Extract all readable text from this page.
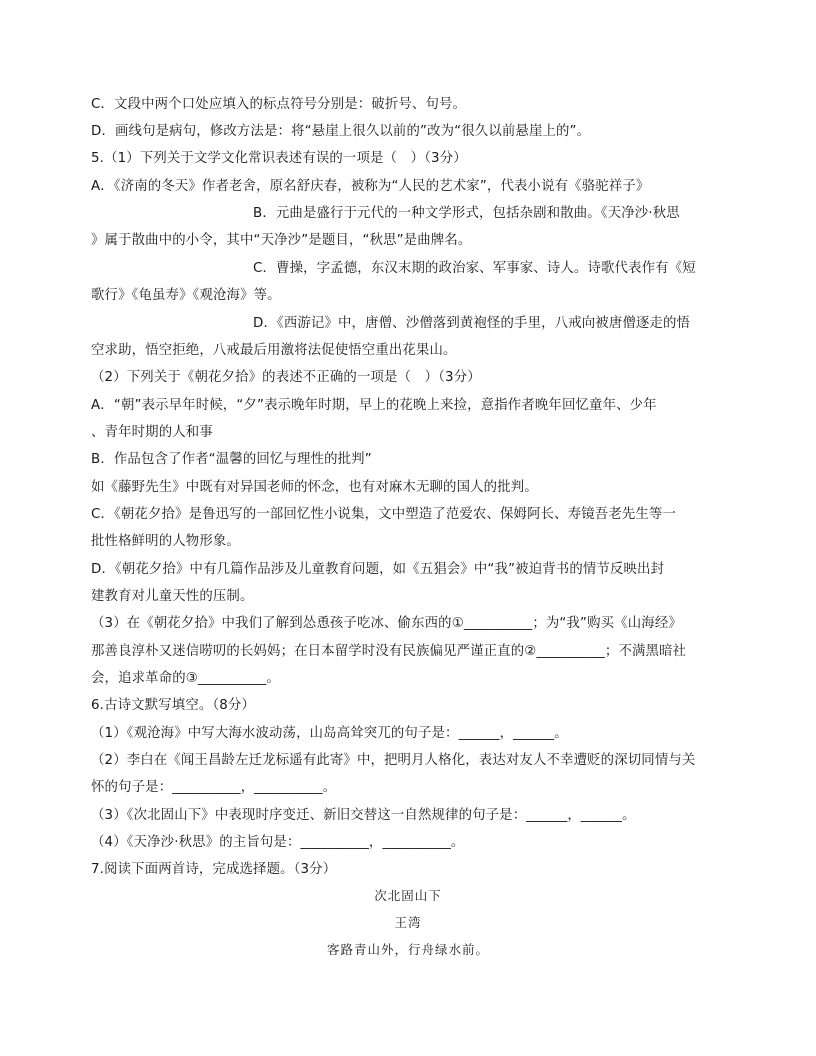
C．文段中两个口处应填入的标点符号分别是：破折号、句号。
D．画线句是病句，修改方法是：将“悬崖上很久以前的”改为“很久以前悬崖上的”。
5.（1）下列关于文学文化常识表述有误的一项是（　）（3分）
A．《济南的冬天》作者老舍，原名舒庆春，被称为“人民的艺术家”，代表小说有《骆驼祥子》
B．元曲是盛行于元代的一种文学形式，包括杂剧和散曲。《天净沙·秋思
》属于散曲中的小令，其中“天净沙”是题目，“秋思”是曲牌名。
C．曹操，字孟德，东汉末期的政治家、军事家、诗人。诗歌代表作有《短
歌行》《龟虽寿》《观沧海》等。
D．《西游记》中，唐僧、沙僧落到黄袍怪的手里，八戒向被唐僧逐走的悟
空求助，悟空拒绝，八戒最后用激将法促使悟空重出花果山。
（2）下列关于《朝花夕拾》的表述不正确的一项是（　）（3分）
A．“朝”表示早年时候，“夕”表示晚年时期，早上的花晚上来捡，意指作者晚年回忆童年、少年
、青年时期的人和事
B．作品包含了作者“温馨的回忆与理性的批判”
如《藤野先生》中既有对异国老师的怀念，也有对麻木无聊的国人的批判。
C．《朝花夕拾》是鲁迅写的一部回忆性小说集，文中塑造了范爱农、保姆阿长、寿镜吾老先生等一
批性格鲜明的人物形象。
D．《朝花夕拾》中有几篇作品涉及儿童教育问题，如《五猖会》中“我”被迫背书的情节反映出封
建教育对儿童天性的压制。
（3）在《朝花夕拾》中我们了解到怂恿孩子吃冰、偷东西的①__________；为“我”购买《山海经》
那善良淳朴又迷信唠叨的长妈妈；在日本留学时没有民族偏见严谨正直的②__________；不满黑暗社
会，追求革命的③__________。
6.古诗文默写填空。（8分）
（1）《观沧海》中写大海水波动荡，山岛高耸突兀的句子是：______，______。
（2）李白在《闻王昌龄左迁龙标遥有此寄》中，把明月人格化，表达对友人不幸遭贬的深切同情与关
怀的句子是：__________，__________。
（3）《次北固山下》中表现时序变迁、新旧交替这一自然规律的句子是：______，______。
（4）《天净沙·秋思》的主旨句是：__________，__________。
7.阅读下面两首诗，完成选择题。（3分）
次北固山下
王湾
客路青山外，行舟绿水前。
